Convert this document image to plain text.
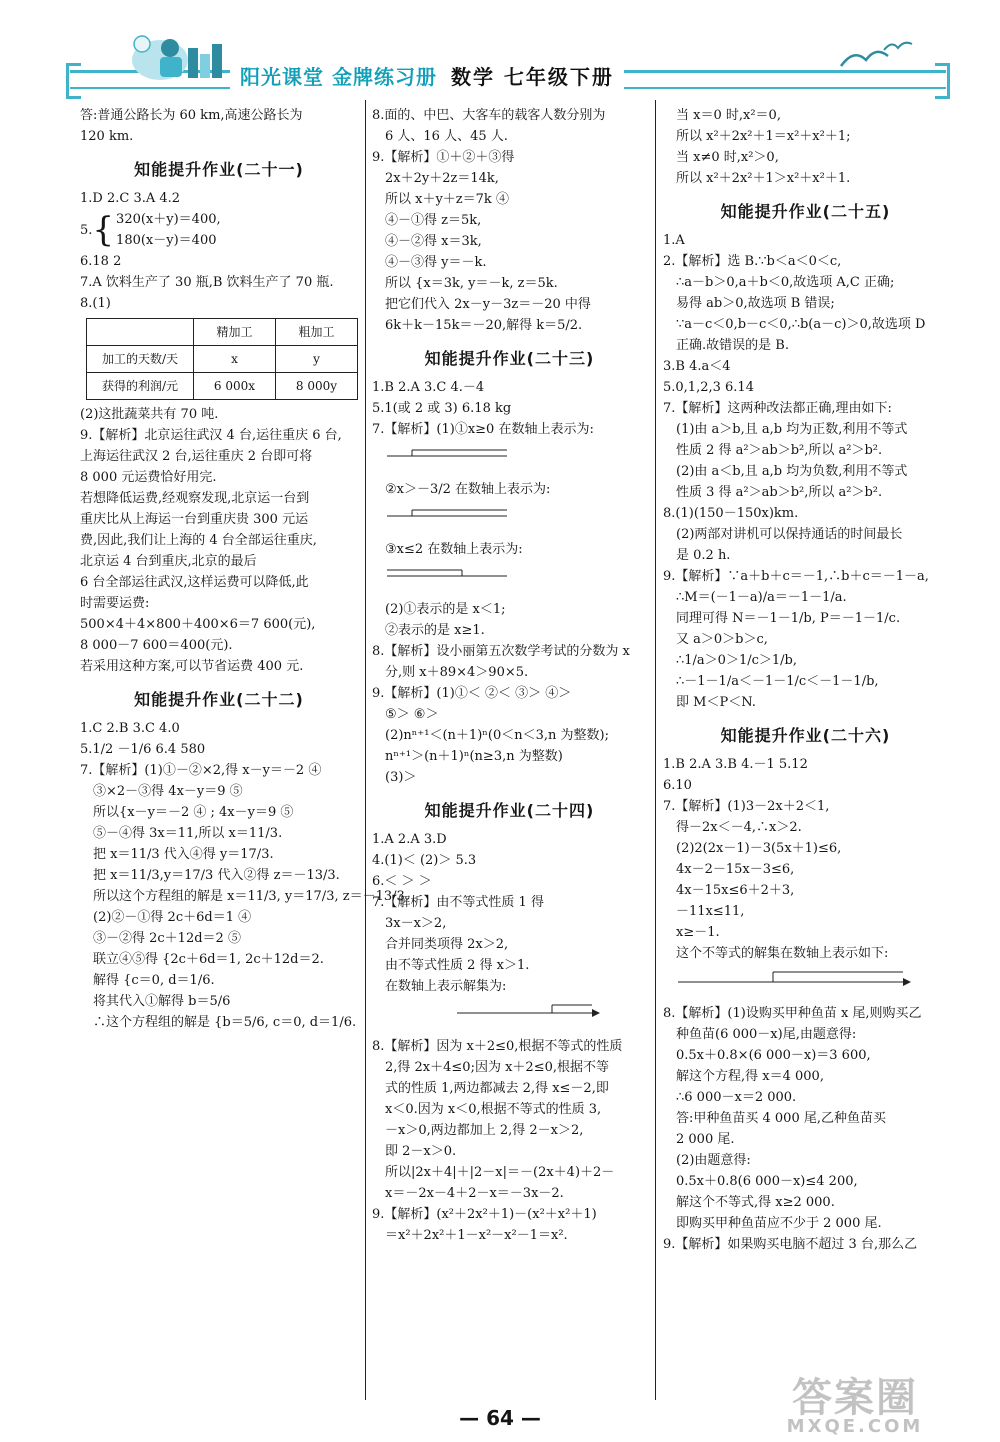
阳光课堂 金牌练习册 数学 七年级下册
答:普通公路长为 60 km,高速公路长为
120 km.
知能提升作业(二十一)
1.D 2.C 3.A 4.2
5. { 320(x＋y)＝400,
180(x－y)＝400
6.18 2
7.A 饮料生产了 30 瓶,B 饮料生产了 70 瓶.
8.(1)
	精加工	粗加工
加工的天数/天	x	y
获得的利润/元	6 000x	8 000y
(2)这批蔬菜共有 70 吨.
9.【解析】北京运往武汉 4 台,运往重庆 6 台,
上海运往武汉 2 台,运往重庆 2 台即可将
8 000 元运费恰好用完.
若想降低运费,经观察发现,北京运一台到
重庆比从上海运一台到重庆贵 300 元运
费,因此,我们让上海的 4 台全部运往重庆,
北京运 4 台到重庆,北京的最后
6 台全部运往武汉,这样运费可以降低,此
时需要运费:
500×4＋4×800＋400×6＝7 600(元),
8 000－7 600＝400(元).
若采用这种方案,可以节省运费 400 元.
知能提升作业(二十二)
1.C 2.B 3.C 4.0
5.1/2 －1/6 6.4 580
7.【解析】(1)①－②×2,得 x－y＝－2 ④
③×2－③得 4x－y＝9 ⑤
所以{x－y＝－2 ④ ; 4x－y＝9 ⑤
⑤－④得 3x＝11,所以 x＝11/3.
把 x＝11/3 代入④得 y＝17/3.
把 x＝11/3,y＝17/3 代入②得 z＝－13/3.
所以这个方程组的解是 x＝11/3, y＝17/3, z＝－13/3.
(2)②－①得 2c＋6d＝1 ④
③－②得 2c＋12d＝2 ⑤
联立④⑤得 {2c＋6d＝1, 2c＋12d＝2.
解得 {c＝0, d＝1/6.
将其代入①解得 b＝5/6
∴这个方程组的解是 {b＝5/6, c＝0, d＝1/6.
8.面的、中巴、大客车的载客人数分别为
6 人、16 人、45 人.
9.【解析】①＋②＋③得
2x＋2y＋2z＝14k,
所以 x＋y＋z＝7k ④
④－①得 z＝5k,
④－②得 x＝3k,
④－③得 y＝－k.
所以 {x＝3k, y＝－k, z＝5k.
把它们代入 2x－y－3z＝－20 中得
6k＋k－15k＝－20,解得 k＝5/2.
知能提升作业(二十三)
1.B 2.A 3.C 4.－4
5.1(或 2 或 3) 6.18 kg
7.【解析】(1)①x≥0 在数轴上表示为:
②x＞－3/2 在数轴上表示为:
③x≤2 在数轴上表示为:
(2)①表示的是 x＜1;
②表示的是 x≥1.
8.【解析】设小丽第五次数学考试的分数为 x
分,则 x＋89×4＞90×5.
9.【解析】(1)①＜ ②＜ ③＞ ④＞
⑤＞ ⑥＞
(2)nⁿ⁺¹＜(n＋1)ⁿ(0＜n＜3,n 为整数);
nⁿ⁺¹＞(n＋1)ⁿ(n≥3,n 为整数)
(3)＞
知能提升作业(二十四)
1.A 2.A 3.D
4.(1)＜ (2)＞ 5.3
6.＜ ＞ ＞
7.【解析】由不等式性质 1 得
3x－x＞2,
合并同类项得 2x＞2,
由不等式性质 2 得 x＞1.
在数轴上表示解集为:
8.【解析】因为 x＋2≤0,根据不等式的性质
2,得 2x＋4≤0;因为 x＋2≤0,根据不等
式的性质 1,两边都减去 2,得 x≤－2,即
x＜0.因为 x＜0,根据不等式的性质 3,
－x＞0,两边都加上 2,得 2－x＞2,
即 2－x＞0.
所以|2x＋4|＋|2－x|＝－(2x＋4)＋2－
x＝－2x－4＋2－x＝－3x－2.
9.【解析】(x²＋2x²＋1)－(x²＋x²＋1)
＝x²＋2x²＋1－x²－x²－1＝x².
当 x＝0 时,x²＝0,
所以 x²＋2x²＋1＝x²＋x²＋1;
当 x≠0 时,x²＞0,
所以 x²＋2x²＋1＞x²＋x²＋1.
知能提升作业(二十五)
1.A
2.【解析】选 B.∵b＜a＜0＜c,
∴a－b＞0,a＋b＜0,故选项 A,C 正确;
易得 ab＞0,故选项 B 错误;
∵a－c＜0,b－c＜0,∴b(a－c)＞0,故选项 D
正确.故错误的是 B.
3.B 4.a＜4
5.0,1,2,3 6.14
7.【解析】这两种改法都正确,理由如下:
(1)由 a＞b,且 a,b 均为正数,利用不等式
性质 2 得 a²＞ab＞b²,所以 a²＞b².
(2)由 a＜b,且 a,b 均为负数,利用不等式
性质 3 得 a²＞ab＞b²,所以 a²＞b².
8.(1)(150－150x)km.
(2)两部对讲机可以保持通话的时间最长
是 0.2 h.
9.【解析】∵a＋b＋c＝－1,∴b＋c＝－1－a,
∴M＝(－1－a)/a＝－1－1/a.
同理可得 N＝－1－1/b, P＝－1－1/c.
又 a＞0＞b＞c,
∴1/a＞0＞1/c＞1/b,
∴－1－1/a＜－1－1/c＜－1－1/b,
即 M＜P＜N.
知能提升作业(二十六)
1.B 2.A 3.B 4.－1 5.12
6.10
7.【解析】(1)3－2x＋2＜1,
得－2x＜－4,∴x＞2.
(2)2(2x－1)－3(5x＋1)≤6,
4x－2－15x－3≤6,
4x－15x≤6＋2＋3,
－11x≤11,
x≥－1.
这个不等式的解集在数轴上表示如下:
8.【解析】(1)设购买甲种鱼苗 x 尾,则购买乙
种鱼苗(6 000－x)尾,由题意得:
0.5x＋0.8×(6 000－x)＝3 600,
解这个方程,得 x＝4 000,
∴6 000－x＝2 000.
答:甲种鱼苗买 4 000 尾,乙种鱼苗买
2 000 尾.
(2)由题意得:
0.5x＋0.8(6 000－x)≤4 200,
解这个不等式,得 x≥2 000.
即购买甲种鱼苗应不少于 2 000 尾.
9.【解析】如果购买电脑不超过 3 台,那么乙
— 64 —	答案圈
MXQE.COM
